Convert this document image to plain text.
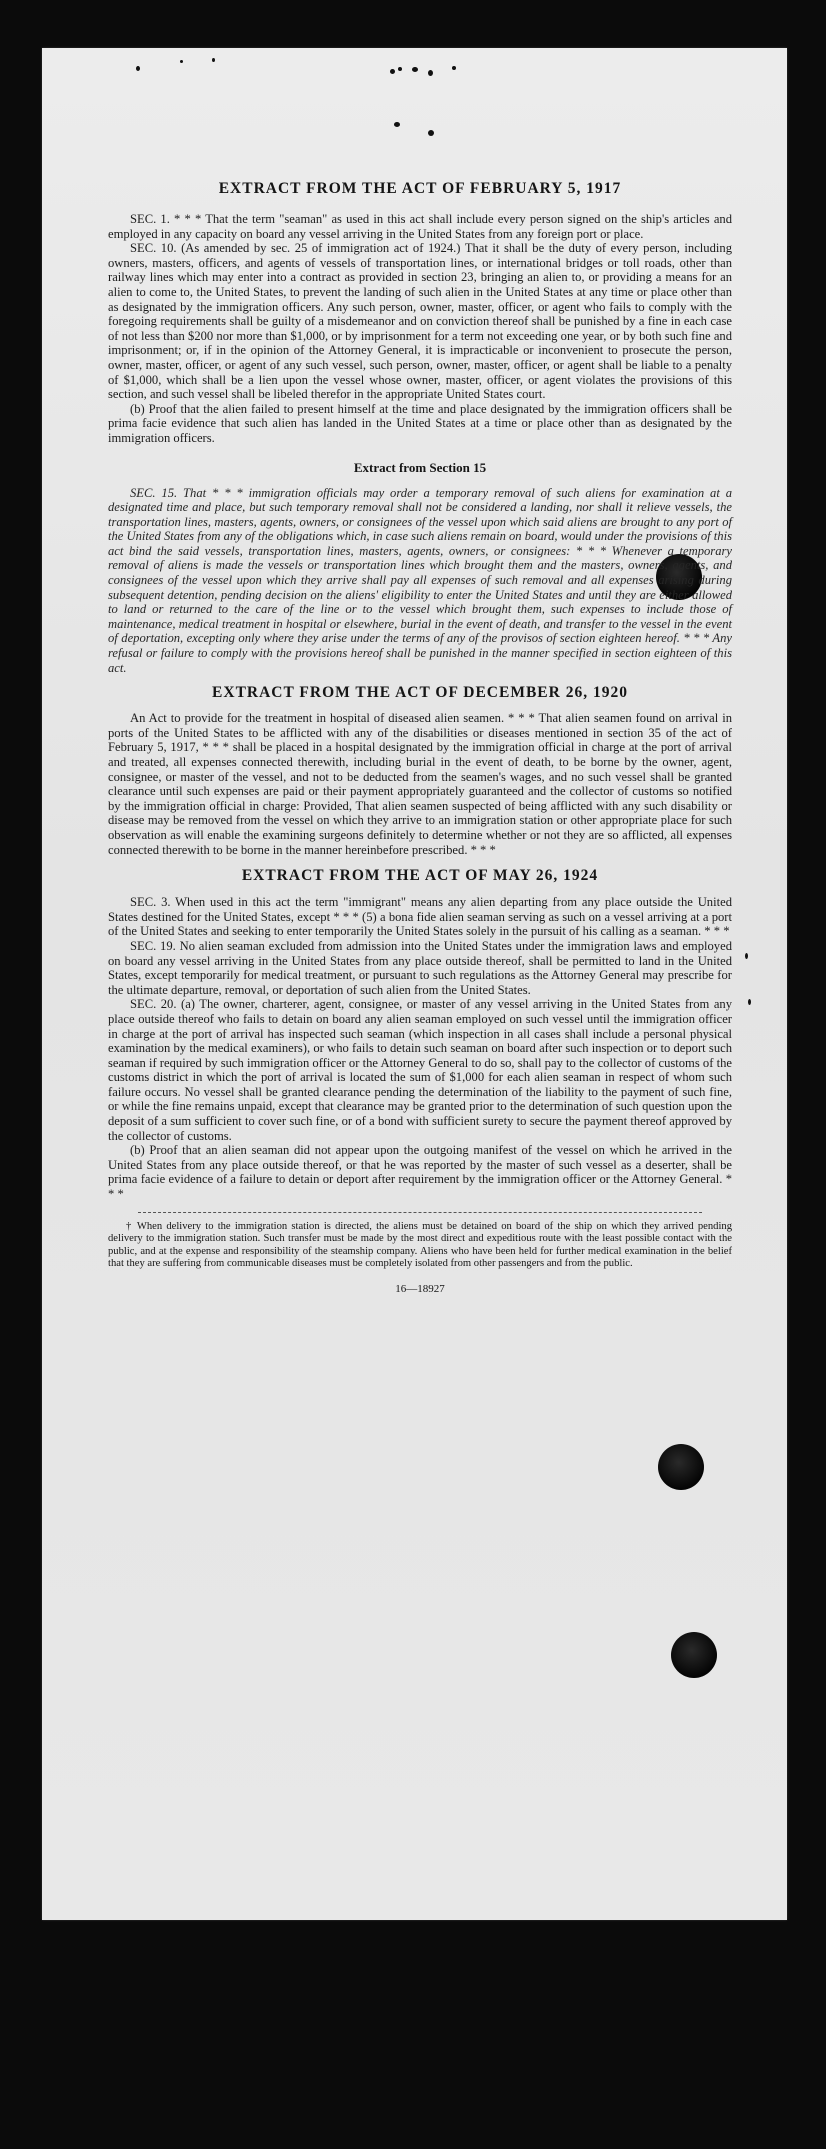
EXTRACT FROM THE ACT OF FEBRUARY 5, 1917

SEC. 1. * * * That the term "seaman" as used in this act shall include every person signed on the ship's articles and employed in any capacity on board any vessel arriving in the United States from any foreign port or place.

SEC. 10. (As amended by sec. 25 of immigration act of 1924.) That it shall be the duty of every person, including owners, masters, officers, and agents of vessels of transportation lines, or international bridges or toll roads, other than railway lines which may enter into a contract as provided in section 23, bringing an alien to, or providing a means for an alien to come to, the United States, to prevent the landing of such alien in the United States at any time or place other than as designated by the immigration officers. Any such person, owner, master, officer, or agent who fails to comply with the foregoing requirements shall be guilty of a misdemeanor and on conviction thereof shall be punished by a fine in each case of not less than $200 nor more than $1,000, or by imprisonment for a term not exceeding one year, or by both such fine and imprisonment; or, if in the opinion of the Attorney General, it is impracticable or inconvenient to prosecute the person, owner, master, officer, or agent of any such vessel, such person, owner, master, officer, or agent shall be liable to a penalty of $1,000, which shall be a lien upon the vessel whose owner, master, officer, or agent violates the provisions of this section, and such vessel shall be libeled therefor in the appropriate United States court.

(b) Proof that the alien failed to present himself at the time and place designated by the immigration officers shall be prima facie evidence that such alien has landed in the United States at a time or place other than as designated by the immigration officers.

Extract from Section 15

SEC. 15. That * * * immigration officials may order a temporary removal of such aliens for examination at a designated time and place, but such temporary removal shall not be considered a landing, nor shall it relieve vessels, the transportation lines, masters, agents, owners, or consignees of the vessel upon which said aliens are brought to any port of the United States from any of the obligations which, in case such aliens remain on board, would under the provisions of this act bind the said vessels, transportation lines, masters, agents, owners, or consignees: * * * Whenever a temporary removal of aliens is made the vessels or transportation lines which brought them and the masters, owners, agents, and consignees of the vessel upon which they arrive shall pay all expenses of such removal and all expenses arising during subsequent detention, pending decision on the aliens' eligibility to enter the United States and until they are either allowed to land or returned to the care of the line or to the vessel which brought them, such expenses to include those of maintenance, medical treatment in hospital or elsewhere, burial in the event of death, and transfer to the vessel in the event of deportation, excepting only where they arise under the terms of any of the provisos of section eighteen hereof. * * * Any refusal or failure to comply with the provisions hereof shall be punished in the manner specified in section eighteen of this act.

EXTRACT FROM THE ACT OF DECEMBER 26, 1920

An Act to provide for the treatment in hospital of diseased alien seamen. * * * That alien seamen found on arrival in ports of the United States to be afflicted with any of the disabilities or diseases mentioned in section 35 of the act of February 5, 1917, * * * shall be placed in a hospital designated by the immigration official in charge at the port of arrival and treated, all expenses connected therewith, including burial in the event of death, to be borne by the owner, agent, consignee, or master of the vessel, and not to be deducted from the seamen's wages, and no such vessel shall be granted clearance until such expenses are paid or their payment appropriately guaranteed and the collector of customs so notified by the immigration official in charge: Provided, That alien seamen suspected of being afflicted with any such disability or disease may be removed from the vessel on which they arrive to an immigration station or other appropriate place for such observation as will enable the examining surgeons definitely to determine whether or not they are so afflicted, all expenses connected therewith to be borne in the manner hereinbefore prescribed. * * *

EXTRACT FROM THE ACT OF MAY 26, 1924

SEC. 3. When used in this act the term "immigrant" means any alien departing from any place outside the United States destined for the United States, except * * * (5) a bona fide alien seaman serving as such on a vessel arriving at a port of the United States and seeking to enter temporarily the United States solely in the pursuit of his calling as a seaman. * * *

SEC. 19. No alien seaman excluded from admission into the United States under the immigration laws and employed on board any vessel arriving in the United States from any place outside thereof, shall be permitted to land in the United States, except temporarily for medical treatment, or pursuant to such regulations as the Attorney General may prescribe for the ultimate departure, removal, or deportation of such alien from the United States.

SEC. 20. (a) The owner, charterer, agent, consignee, or master of any vessel arriving in the United States from any place outside thereof who fails to detain on board any alien seaman employed on such vessel until the immigration officer in charge at the port of arrival has inspected such seaman (which inspection in all cases shall include a personal physical examination by the medical examiners), or who fails to detain such seaman on board after such inspection or to deport such seaman if required by such immigration officer or the Attorney General to do so, shall pay to the collector of customs of the customs district in which the port of arrival is located the sum of $1,000 for each alien seaman in respect of whom such failure occurs. No vessel shall be granted clearance pending the determination of the liability to the payment of such fine, or while the fine remains unpaid, except that clearance may be granted prior to the determination of such question upon the deposit of a sum sufficient to cover such fine, or of a bond with sufficient surety to secure the payment thereof approved by the collector of customs.

(b) Proof that an alien seaman did not appear upon the outgoing manifest of the vessel on which he arrived in the United States from any place outside thereof, or that he was reported by the master of such vessel as a deserter, shall be prima facie evidence of a failure to detain or deport after requirement by the immigration officer or the Attorney General. * * *

† When delivery to the immigration station is directed, the aliens must be detained on board of the ship on which they arrived pending delivery to the immigration station. Such transfer must be made by the most direct and expeditious route with the least possible contact with the public, and at the expense and responsibility of the steamship company. Aliens who have been held for further medical examination in the belief that they are suffering from communicable diseases must be completely isolated from other passengers and from the public.

16—18927
